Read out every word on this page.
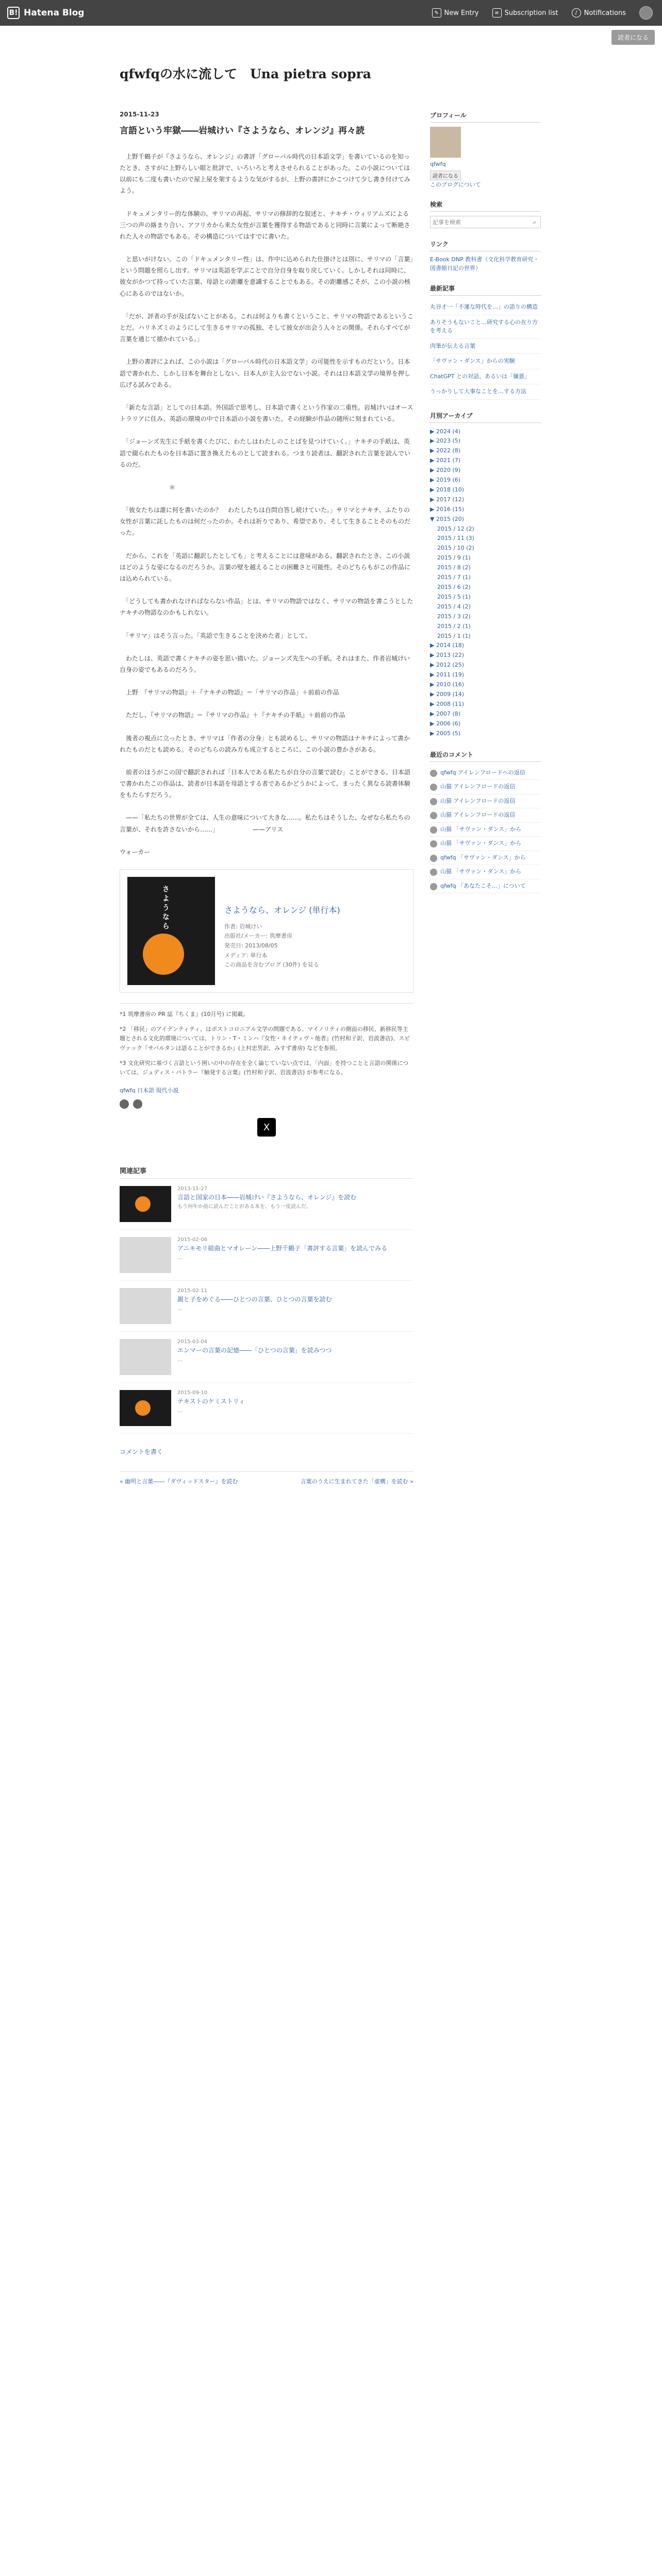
B! Hatena Blog	✎ New Entry	≡ Subscription list	♪ Notifications
読者になる
qfwfqの水に流して　Una pietra sopra
2015-11-23
言語という牢獄――岩城けい『さようなら、オレンジ』再々読

　上野千鶴子が『さようなら、オレンジ』の書評「グローバル時代の日本語文学」を書いているのを知ったとき、さすがに上野らしい眼と批評で、いろいろと考えさせられることがあった。この小説については以前にも二度も書いたので屋上屋を架するような気がするが、上野の書評にかこつけて少し書き付けてみよう。

　ドキュメンタリー的な体験の、サリマの再起、サリマの修辞的な叙述と、ナキチ・ウィリアムズによる三つの声の絡まり合い、アフリカから来た女性が言葉を獲得する物語であると同時に言葉によって断絶された人々の物語でもある。その構造についてはすでに書いた。

　と思いがけない。この「ドキュメンタリー性」は、作中に込められた仕掛けとは別に、サリマの「言葉」という問題を照らし出す。サリマは英語を学ぶことで自分自身を取り戻していく。しかしそれは同時に、彼女がかつて持っていた言葉、母語との距離を意識することでもある。その距離感こそが、この小説の核心にあるのではないか。

　「だが、評者の手が及ばないことがある。これは何よりも書くということ、サリマの物語であるということだ。ハリネズミのようにして生きるサリマの孤独、そして彼女が出会う人々との関係。それらすべてが言葉を通じて描かれている。」

　上野の書評によれば、この小説は「グローバル時代の日本語文学」の可能性を示すものだという。日本語で書かれた、しかし日本を舞台としない、日本人が主人公でない小説。それは日本語文学の境界を押し広げる試みである。

　「新たな言語」としての日本語。外国語で思考し、日本語で書くという作家の二重性。岩城けいはオーストラリアに住み、英語の環境の中で日本語の小説を書いた。その経験が作品の随所に刻まれている。

　「ジョーンズ先生に手紙を書くたびに、わたしはわたしのことばを見つけていく。」ナキチの手紙は、英語で綴られたものを日本語に置き換えたものとして読まれる。つまり読者は、翻訳された言葉を読んでいるのだ。

　　　　　　　　＊

　「彼女たちは誰に何を書いたのか？　わたしたちは自問自答し続けていた。」サリマとナキチ、ふたりの女性が言葉に託したものは何だったのか。それは祈りであり、希望であり、そして生きることそのものだった。

　だから、これを「英語に翻訳したとしても」と考えることには意味がある。翻訳されたとき、この小説はどのような姿になるのだろうか。言葉の壁を越えることの困難さと可能性。そのどちらもがこの作品には込められている。

　「どうしても書かれなければならない作品」とは、サリマの物語ではなく、サリマの物語を書こうとしたナキチの物語なのかもしれない。

　「サリマ」はそう言った。「英語で生きることを決めた者」として。

　わたしは、英語で書くナキチの姿を思い描いた。ジョーンズ先生への手紙。それはまた、作者岩城けい自身の姿でもあるのだろう。

　上野　『サリマの物語』＋『ナキチの物語』＝「サリマの作品」＋前前の作品

　ただし、『サリマの物語』＝『サリマの作品』＋『ナキチの手紙』＋前前の作品

　後者の視点に立ったとき、サリマは「作者の分身」とも読めるし、サリマの物語はナキチによって書かれたものだとも読める。そのどちらの読み方も成立するところに、この小説の豊かさがある。

　前者のほうがこの国で翻訳されれば「日本人である私たちが自分の言葉で読む」ことができる。日本語で書かれたこの作品は、読者が日本語を母語とする者であるかどうかによって、まったく異なる読書体験をもたらすだろう。

　——「私たちの世界が全ては、人生の意味について大きな……。私たちはそうした、なぜなら私たちの言葉が、それを許さないから……」　　　　　　——アリス

ウォーカー

さようなら	さようなら、オレンジ (単行本)
作者: 岩城けい
出版社/メーカー: 筑摩書房
発売日: 2013/08/05
メディア: 単行本
この商品を含むブログ (30件) を見る

*1 筑摩書房の PR 誌『ちくま』(10月号) に掲載。

*2 「移民」のアイデンティティ、はポストコロニアル文学の問題である。マイノリティの側面の移民、新移民等主題とされる文化的環境については、トリン・T・ミンハ『女性・ネイティヴ・他者』(竹村和子訳、岩波書店)、スピヴァック『サバルタンは語ることができるか』(上村忠男訳、みすず書房) などを参照。

*3 文化研究に基づく言語という囲いの中の存在を全く論じていない点では、「内面」を持つことと言語の関係については、ジュディス・バトラー『触発する言葉』(竹村和子訳、岩波書店) が参考になる。

qfwfq 日本語 現代小説
X
関連記事
2013-11-27
言語と国家の日本――岩城けい『さようなら、オレンジ』を読む
もう何年か前に読んだことがある本を、もう一度読んだ。
2015-02-06
アニキモリ組曲とマオレーン――上野千鶴子「書評する言葉」を読んでみる
…
2015-02-11
親と子をめぐる――ひとつの言葉、ひとつの言葉を読む
…
2015-03-04
エンマーの言葉の記憶――「ひとつの言葉」を読みつつ
…
2015-09-10
テキストのケミストリィ
…
コメントを書く
« 幽明と言葉――『ダヴィッドスター』を読む	言葉のうえに生まれてきた「虚構」を読む »
プロフィール
qfwfq
読者になる
このブログについて
検索
記事を検索
⌕
リンク
E-Book DNP 教科書（文化科学教育研究・図書館日記の世界）
最新記事
丸谷才一「不運な時代を…」の語りの構造
ありそうもないこと…研究する心の在り方を考える
肉筆が伝える言葉
「サヴァン・ダンス」からの実験
ChatGPT との対話、あるいは「嫌悪」
うっかりして大事なことを…する方法
月別アーカイブ
▶ 2024 (4)
▶ 2023 (5)
▶ 2022 (8)
▶ 2021 (7)
▶ 2020 (9)
▶ 2019 (6)
▶ 2018 (10)
▶ 2017 (12)
▶ 2016 (15)
▼ 2015 (20)
2015 / 12 (2)
2015 / 11 (3)
2015 / 10 (2)
2015 / 9 (1)
2015 / 8 (2)
2015 / 7 (1)
2015 / 6 (2)
2015 / 5 (1)
2015 / 4 (2)
2015 / 3 (2)
2015 / 2 (1)
2015 / 1 (1)
▶ 2014 (18)
▶ 2013 (22)
▶ 2012 (25)
▶ 2011 (19)
▶ 2010 (16)
▶ 2009 (14)
▶ 2008 (11)
▶ 2007 (8)
▶ 2006 (6)
▶ 2005 (5)
最近のコメント
qfwfq アイレンフロードへの返信
山猫 アイレンフロードの返信
山猫 アイレンフロードの返信
山猫 アイレンフロードの返信
山猫 「サヴァン・ダンス」から
山猫 「サヴァン・ダンス」から
qfwfq 「サヴァン・ダンス」から
山猫 「サヴァン・ダンス」から
qfwfq 「あなたこそ…」について
